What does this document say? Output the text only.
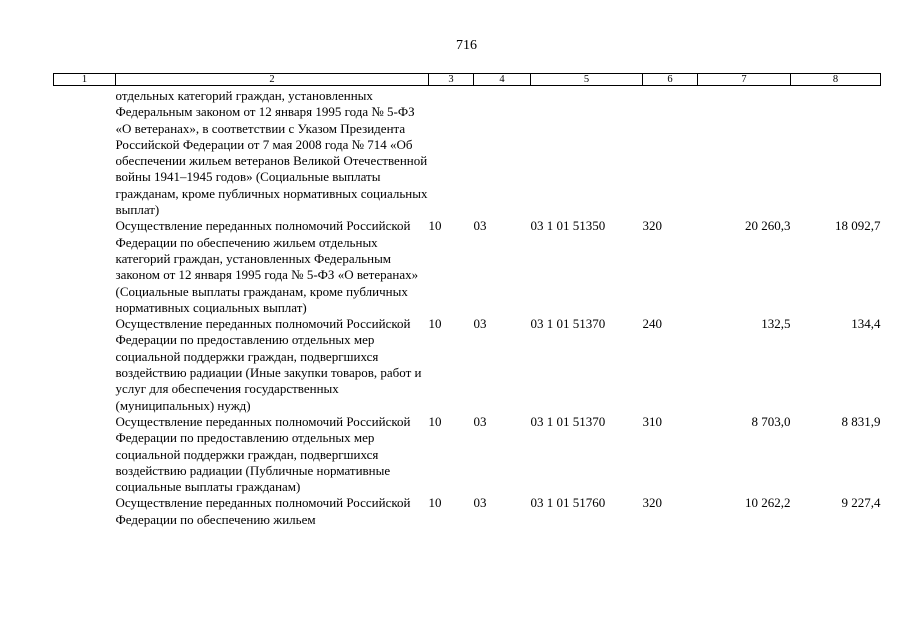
716
1	2	3	4	5	6	7	8
	отдельных категорий граждан, установленных Федеральным законом от 12 января 1995 года № 5-ФЗ «О ветеранах», в соответствии с Указом Президента Российской Федерации от 7 мая 2008 года № 714 «Об обеспечении жильем ветеранов Великой Отечественной войны 1941–1945 годов» (Социальные выплаты гражданам, кроме публичных нормативных социальных выплат)						
	Осуществление переданных полномочий Российской Федерации по обеспечению жильем отдельных категорий граждан, установленных Федеральным законом от 12 января 1995 года № 5-ФЗ «О ветеранах» (Социальные выплаты гражданам, кроме публичных нормативных социальных выплат)	10	03	03 1 01 51350	320	20 260,3	18 092,7
	Осуществление переданных полномочий Российской Федерации по предоставлению отдельных мер социальной поддержки граждан, подвергшихся воздействию радиации (Иные закупки товаров, работ и услуг для обеспечения государственных (муниципальных) нужд)	10	03	03 1 01 51370	240	132,5	134,4
	Осуществление переданных полномочий Российской Федерации по предоставлению отдельных мер социальной поддержки граждан, подвергшихся воздействию радиации (Публичные нормативные социальные выплаты гражданам)	10	03	03 1 01 51370	310	8 703,0	8 831,9
	Осуществление переданных полномочий Российской Федерации по обеспечению жильем	10	03	03 1 01 51760	320	10 262,2	9 227,4
